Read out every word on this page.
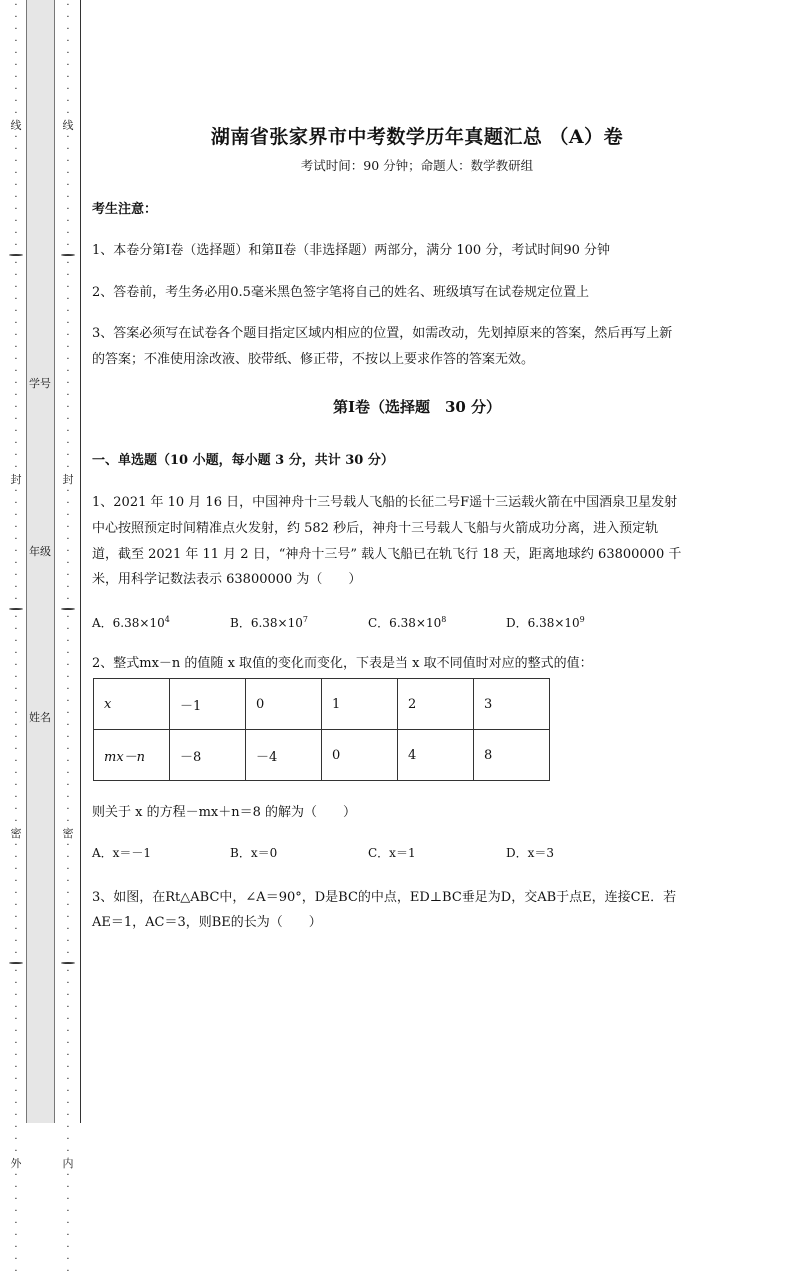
·
·
·
·
·
·
·
·
·
·
线
·
·
·
·
·
·
·
·
·
·
·
·
·
·
·
·
·
·
·
·
·
·
·
·
·
·
·
·
封
·
·
·
·
·
·
·
·
·
·
·
·
·
·
·
·
·
·
·
·
·
·
·
·
·
·
·
·
密
·
·
·
·
·
·
·
·
·
·
·
·
·
·
·
·
·
·
·
·
·
·
·
·
·
·
外
·
·
·
·
·
·
·
·
·
·
·
·
·
·
·
·
·
·
·
线
·
·
·
·
·
·
·
·
·
·
·
·
·
·
·
·
·
·
·
·
·
·
·
·
·
·
·
·
封
·
·
·
·
·
·
·
·
·
·
·
·
·
·
·
·
·
·
·
·
·
·
·
·
·
·
·
·
密
·
·
·
·
·
·
·
·
·
·
·
·
·
·
·
·
·
·
·
·
·
·
·
·
·
·
内
·
·
·
·
·
·
·
·
·
学号
年级
姓名
湖南省张家界市中考数学历年真题汇总 （A）卷
考试时间：90 分钟；命题人：数学教研组
考生注意：
1、本卷分第Ⅰ卷（选择题）和第Ⅱ卷（非选择题）两部分，满分 100 分，考试时间90 分钟
2、答卷前，考生务必用0.5毫米黑色签字笔将自己的姓名、班级填写在试卷规定位置上
3、答案必须写在试卷各个题目指定区域内相应的位置，如需改动，先划掉原来的答案，然后再写上新
的答案；不准使用涂改液、胶带纸、修正带，不按以上要求作答的答案无效。
第Ⅰ卷（选择题　30 分）
一、单选题（10 小题，每小题 3 分，共计 30 分）
1、2021 年 10 月 16 日，中国神舟十三号载人飞船的长征二号F遥十三运载火箭在中国酒泉卫星发射
中心按照预定时间精准点火发射，约 582 秒后，神舟十三号载人飞船与火箭成功分离，进入预定轨
道，截至 2021 年 11 月 2 日，“神舟十三号” 载人飞船已在轨飞行 18 天，距离地球约 63800000 千
米，用科学记数法表示 63800000 为（　　）
A．$6.38\times 10^4$	B．$6.38\times 10^7$	C．$6.38\times 10^8$	D．$6.38\times 10^9$
2、整式mx－n 的值随 x 取值的变化而变化，下表是当 x 取不同值时对应的整式的值：
x	－1	0	1	2	3
mx－n	－8	－4	0	4	8
则关于 x 的方程－mx＋n＝8 的解为（　　）
A．x＝－1	B．x＝0	C．x＝1	D．x＝3
3、如图，在Rt△ABC中，∠A＝90°，D是BC的中点，ED⊥BC垂足为D，交AB于点E，连接CE．若
AE＝1，AC＝3，则BE的长为（　　）
